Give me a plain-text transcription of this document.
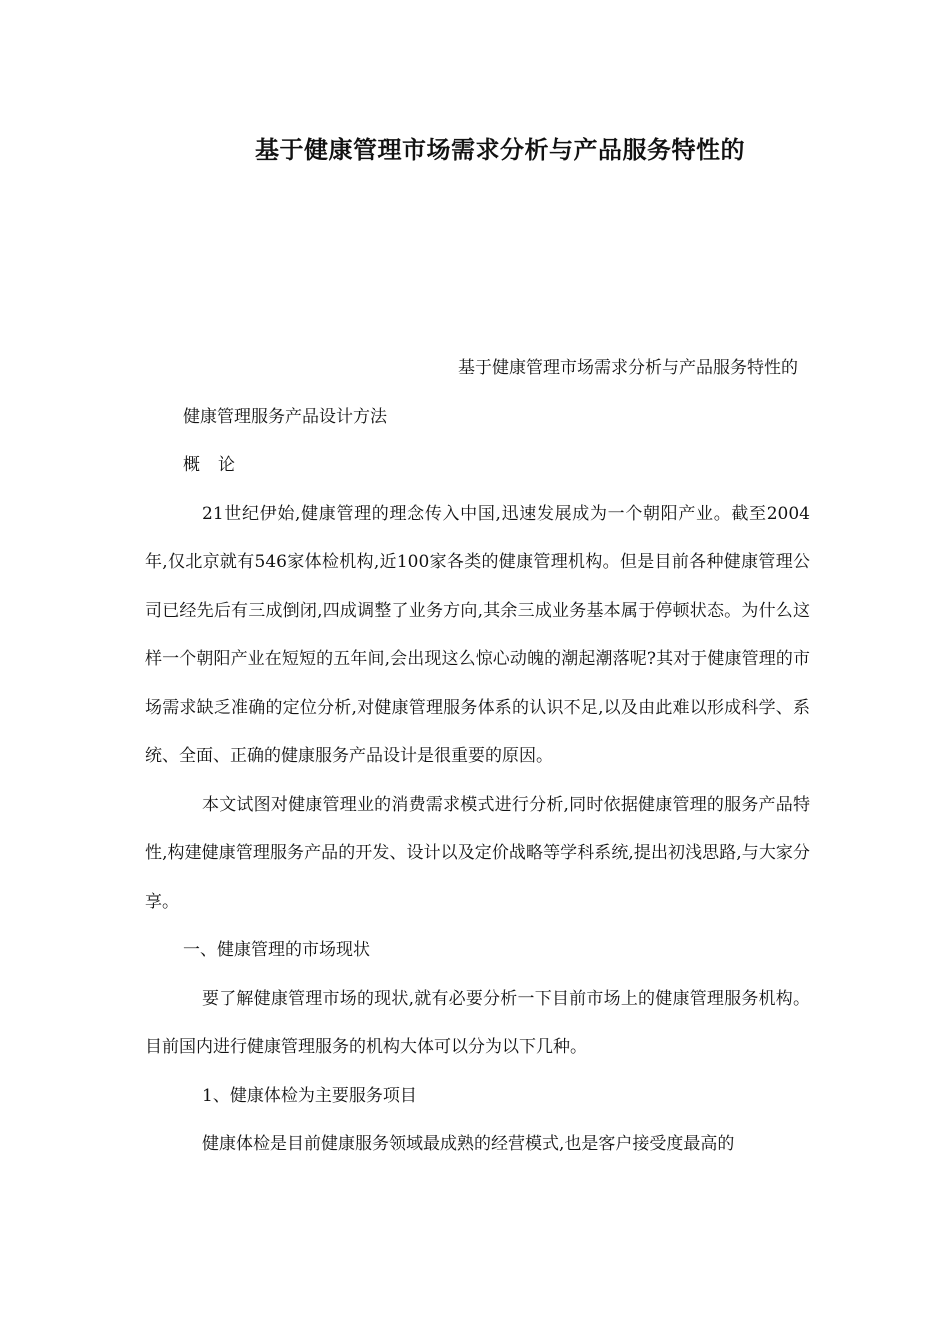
基于健康管理市场需求分析与产品服务特性的

基于健康管理市场需求分析与产品服务特性的

健康管理服务产品设计方法

概 论

21世纪伊始,健康管理的理念传入中国,迅速发展成为一个朝阳产业。截至2004年,仅北京就有546家体检机构,近100家各类的健康管理机构。但是目前各种健康管理公司已经先后有三成倒闭,四成调整了业务方向,其余三成业务基本属于停顿状态。为什么这样一个朝阳产业在短短的五年间,会出现这么惊心动魄的潮起潮落呢?其对于健康管理的市场需求缺乏准确的定位分析,对健康管理服务体系的认识不足,以及由此难以形成科学、系统、全面、正确的健康服务产品设计是很重要的原因。

本文试图对健康管理业的消费需求模式进行分析,同时依据健康管理的服务产品特性,构建健康管理服务产品的开发、设计以及定价战略等学科系统,提出初浅思路,与大家分享。

一、健康管理的市场现状

要了解健康管理市场的现状,就有必要分析一下目前市场上的健康管理服务机构。目前国内进行健康管理服务的机构大体可以分为以下几种。

1、健康体检为主要服务项目

健康体检是目前健康服务领域最成熟的经营模式,也是客户接受度最高的
